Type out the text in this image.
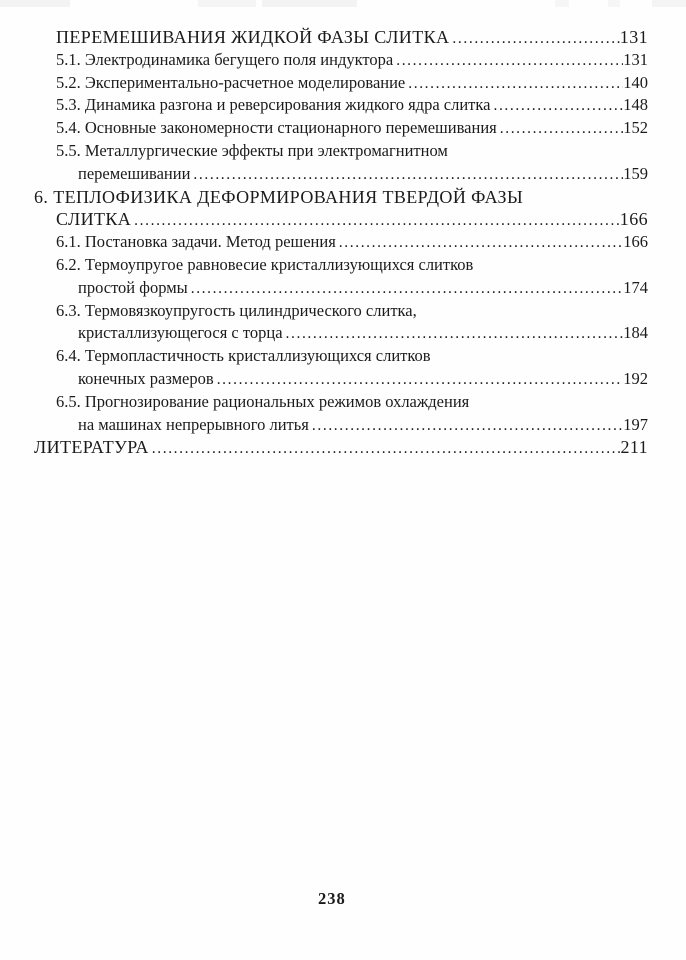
ПЕРЕМЕШИВАНИЯ ЖИДКОЙ ФАЗЫ СЛИТКА .....	131
5.1. Электродинамика бегущего поля индуктора .....	131
5.2. Экспериментально-расчетное моделирование .....	140
5.3. Динамика разгона и реверсирования жидкого ядра слитка .....	148
5.4. Основные закономерности стационарного перемешивания .....	152
5.5. Металлургические эффекты при электромагнитном
перемешивании .....	159
6. ТЕПЛОФИЗИКА ДЕФОРМИРОВАНИЯ ТВЕРДОЙ ФАЗЫ
СЛИТКА .....	166
6.1. Постановка задачи. Метод решения .....	166
6.2. Термоупругое равновесие кристаллизующихся слитков
простой формы .....	174
6.3. Термовязкоупругость цилиндрического слитка,
кристаллизующегося с торца .....	184
6.4. Термопластичность кристаллизующихся слитков
конечных размеров .....	192
6.5. Прогнозирование рациональных режимов охлаждения
на машинах непрерывного литья .....	197
ЛИТЕРАТУРА .....	211
238
